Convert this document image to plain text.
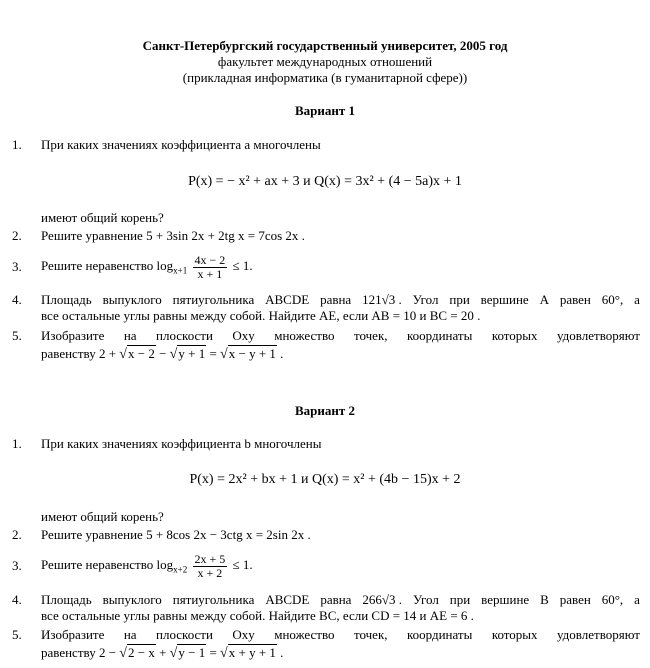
Санкт-Петербургский государственный университет, 2005 год
факультет международных отношений
(прикладная информатика (в гуманитарной сфере))
Вариант 1
1. При каких значениях коэффициента a многочлены
P(x) = − x² + ax + 3 и Q(x) = 3x² + (4 − 5a)x + 1
имеют общий корень?
2. Решите уравнение 5 + 3sin 2x + 2tg x = 7cos 2x .
3. Решите неравенство $\log_{x+1} \frac{4x - 2}{x + 1} \le 1$.
4. Площадь выпуклого пятиугольника ABCDE равна 121√3 . Угол при вершине A равен 60°, а
все остальные углы равны между собой. Найдите AE, если AB = 10 и BC = 20 .
5. Изобразите на плоскости Oxy множество точек, координаты которых удовлетворяют
равенству 2 + √x − 2 − √y + 1 = √x − y + 1 .
Вариант 2
1. При каких значениях коэффициента b многочлены
P(x) = 2x² + bx + 1 и Q(x) = x² + (4b − 15)x + 2
имеют общий корень?
2. Решите уравнение 5 + 8cos 2x − 3ctg x = 2sin 2x .
3. Решите неравенство $\log_{x+2} \frac{2x + 5}{x + 2} \le 1$.
4. Площадь выпуклого пятиугольника ABCDE равна 266√3 . Угол при вершине B равен 60°, а
все остальные углы равны между собой. Найдите BC, если CD = 14 и AE = 6 .
5. Изобразите на плоскости Oxy множество точек, координаты которых удовлетворяют
равенству 2 − √2 − x + √y − 1 = √x + y + 1 .
